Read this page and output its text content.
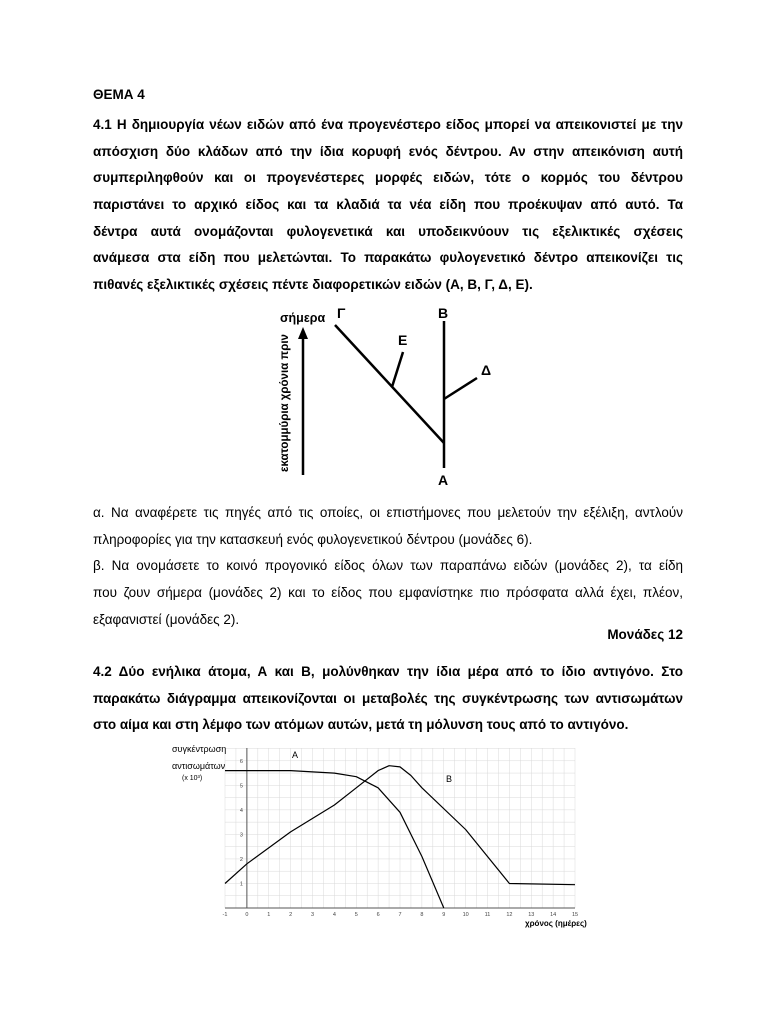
ΘΕΜΑ 4
4.1 Η δημιουργία νέων ειδών από ένα προγενέστερο είδος μπορεί να απεικονιστεί με την
απόσχιση δύο κλάδων από την ίδια κορυφή ενός δέντρου. Αν στην απεικόνιση αυτή
συμπεριληφθούν και οι προγενέστερες μορφές ειδών, τότε ο κορμός του δέντρου
παριστάνει το αρχικό είδος και τα κλαδιά τα νέα είδη που προέκυψαν από αυτό. Τα
δέντρα αυτά ονομάζονται φυλογενετικά και υποδεικνύουν τις εξελικτικές σχέσεις
ανάμεσα στα είδη που μελετώνται. Το παρακάτω φυλογενετικό δέντρο απεικονίζει τις
πιθανές εξελικτικές σχέσεις πέντε διαφορετικών ειδών (Α, Β, Γ, Δ, Ε).
σήμερα
εκατομμύρια χρόνια πριν
Γ	Β
Ε
Δ
Α
α. Να αναφέρετε τις πηγές από τις οποίες, οι επιστήμονες που μελετούν την εξέλιξη, αντλούν
πληροφορίες για την κατασκευή ενός φυλογενετικού δέντρου (μονάδες 6).
β. Να ονομάσετε το κοινό προγονικό είδος όλων των παραπάνω ειδών (μονάδες 2), τα είδη
που ζουν σήμερα (μονάδες 2) και το είδος που εμφανίστηκε πιο πρόσφατα αλλά έχει, πλέον,
εξαφανιστεί (μονάδες 2).
Μονάδες 12
4.2 Δύο ενήλικα άτομα, Α και Β, μολύνθηκαν την ίδια μέρα από το ίδιο αντιγόνο. Στο
παρακάτω διάγραμμα απεικονίζονται οι μεταβολές της συγκέντρωσης των αντισωμάτων
στο αίμα και στη λέμφο των ατόμων αυτών, μετά τη μόλυνση τους από το αντιγόνο.
-1	0	1	2	3	4	5	6	7	8	9	10	11	12	13	14	15
1
2
3
4
5
6
συγκέντρωση
αντισωμάτων
(x 10³)
χρόνος (ημέρες)
Α
Β
